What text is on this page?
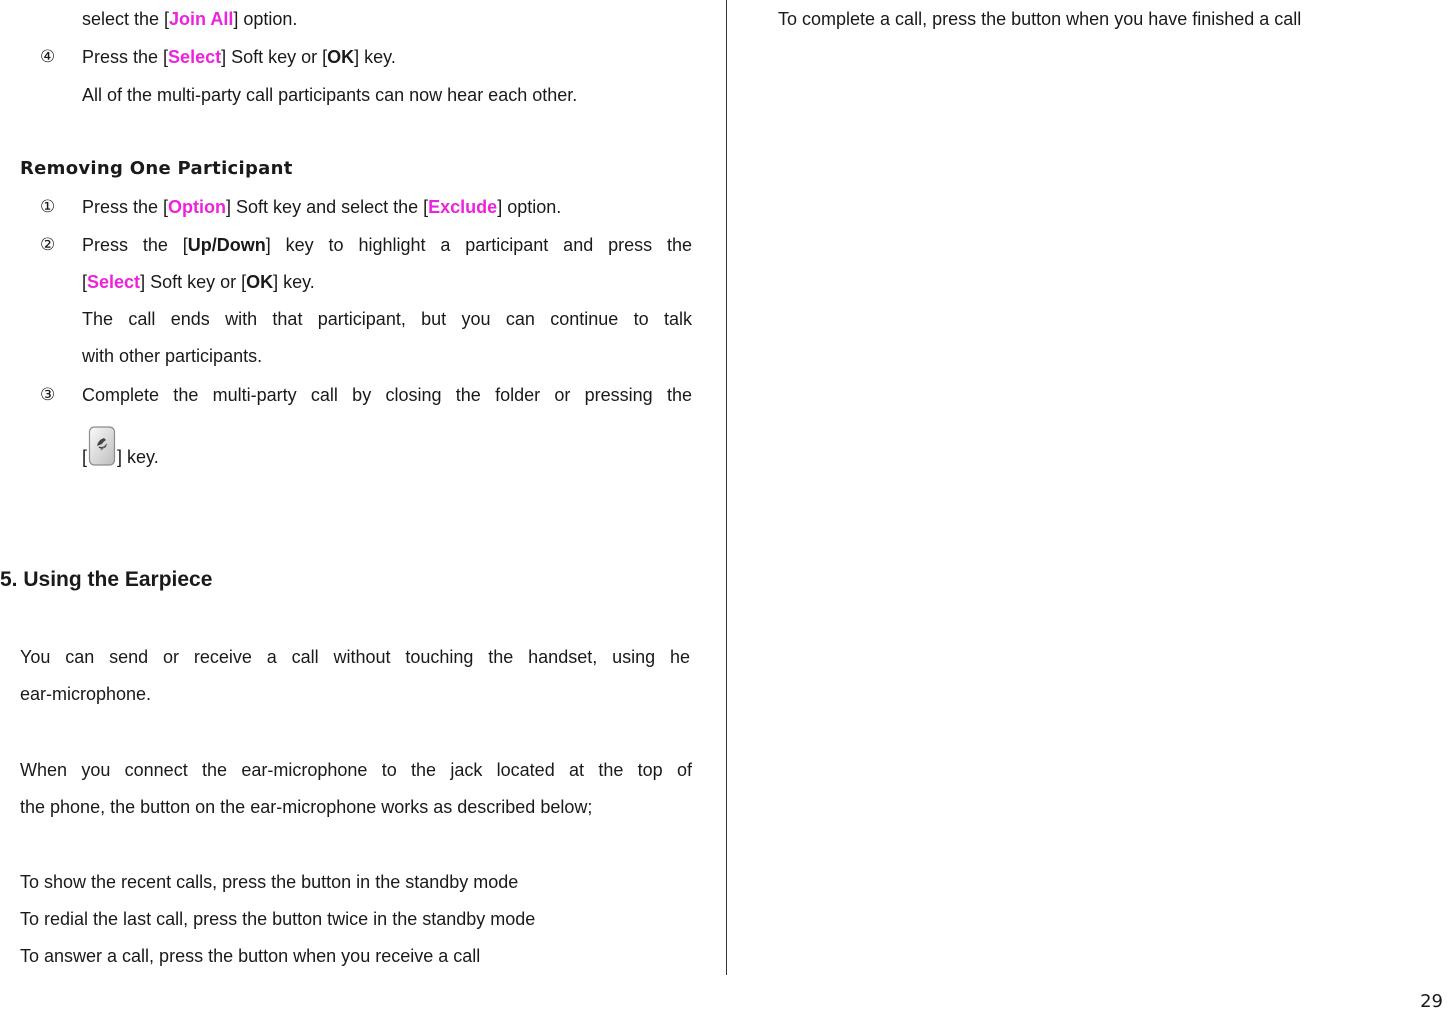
select the [Join All] option.
④ Press the [Select] Soft key or [OK] key.
All of the multi-party call participants can now hear each other.
Removing One Participant
① Press the [Option] Soft key and select the [Exclude] option.
② Press the [Up/Down] key to highlight a participant and press the
[Select] Soft key or [OK] key.
The call ends with that participant, but you can continue to talk
with other participants.
③ Complete the multi-party call by closing the folder or pressing the
[ ] key.
5. Using the Earpiece
You can send or receive a call without touching the handset, using he
ear-microphone.
When you connect the ear-microphone to the jack located at the top of
the phone, the button on the ear-microphone works as described below;
To show the recent calls, press the button in the standby mode
To redial the last call, press the button twice in the standby mode
To answer a call, press the button when you receive a call
To complete a call, press the button when you have finished a call
29
